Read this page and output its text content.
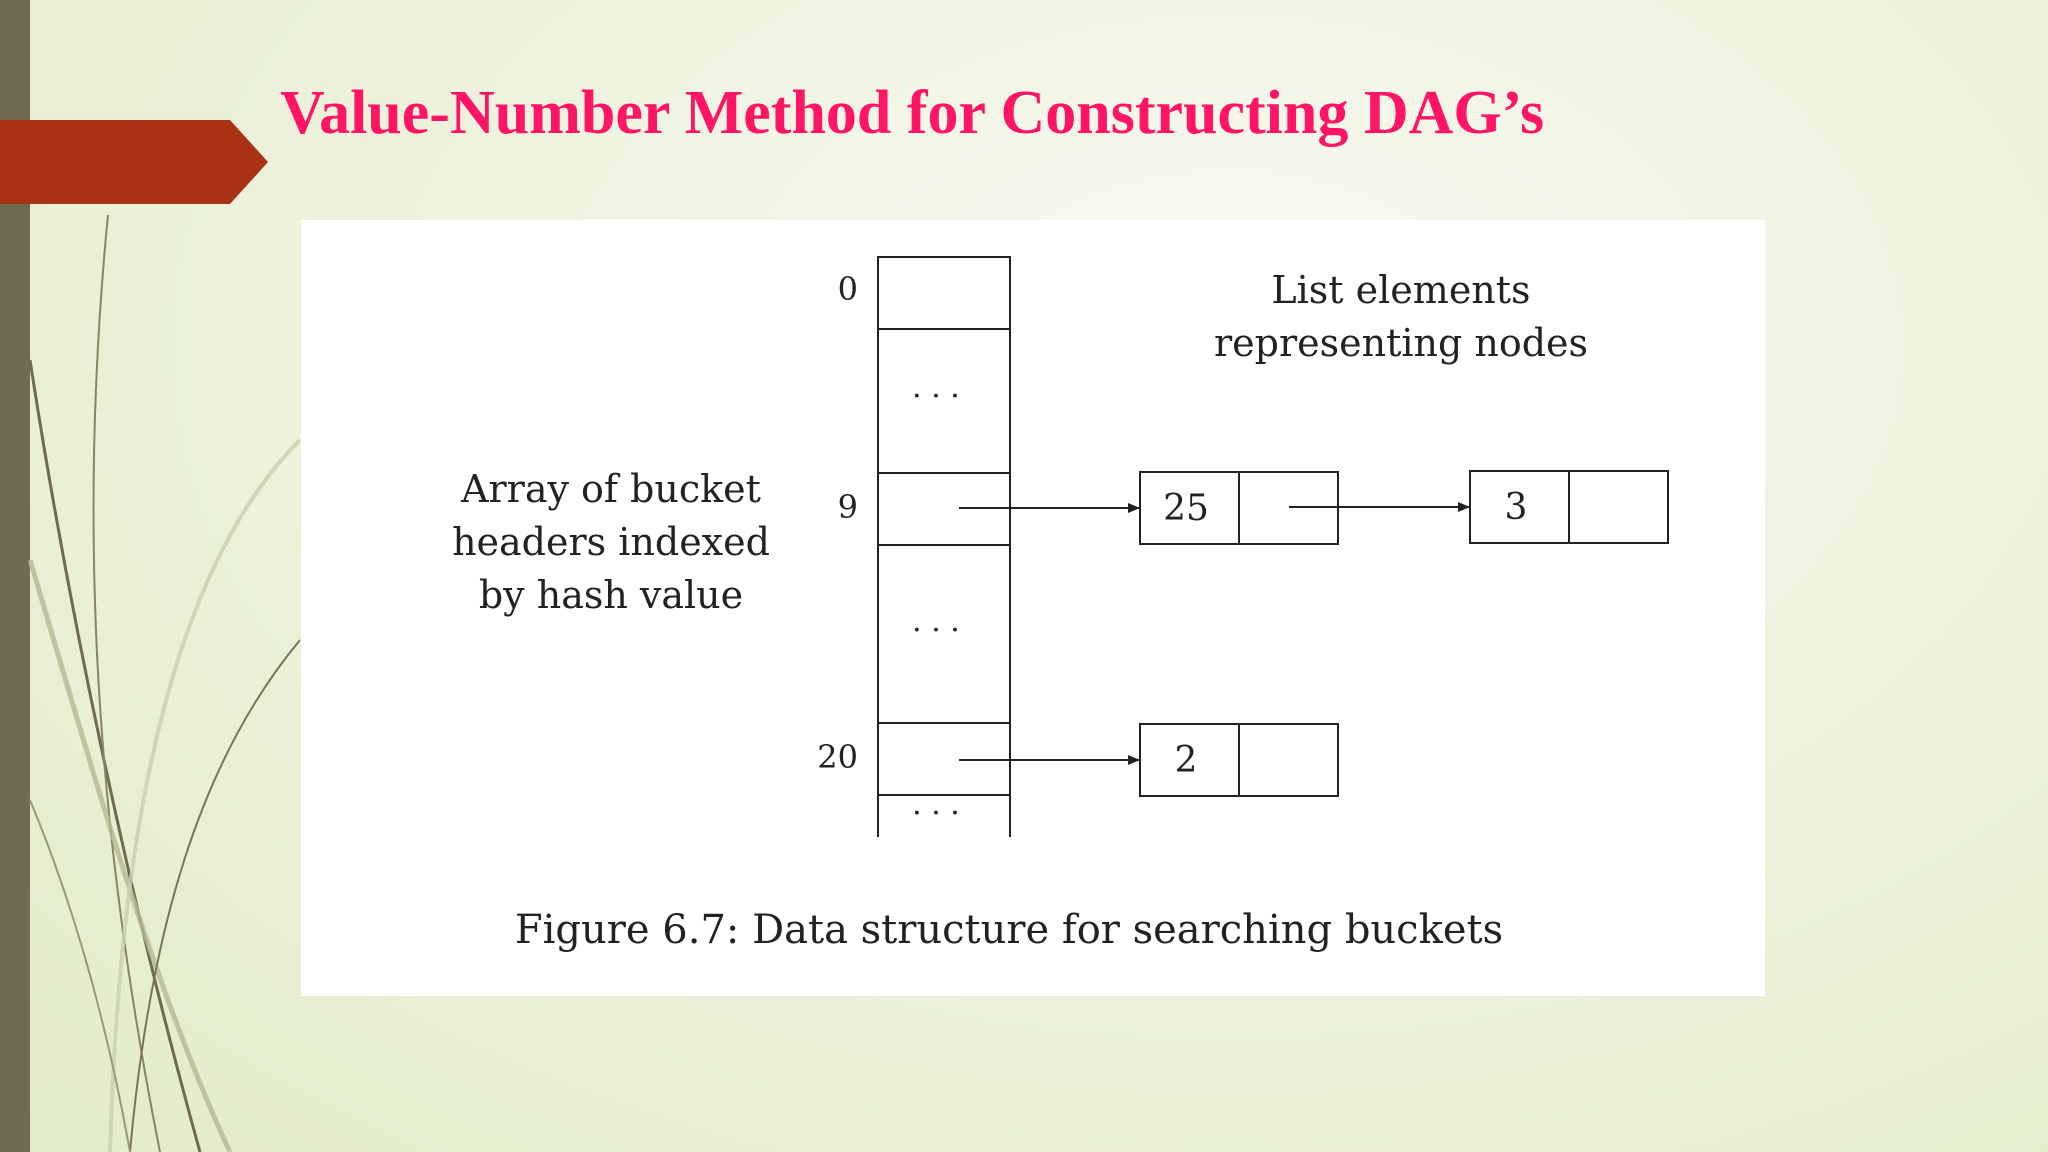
Value-Number Method for Constructing DAG’s
0
9
20
· · ·
· · ·
· · ·
Array of bucket
headers indexed
by hash value
List elements
representing nodes
25	3
2
Figure 6.7: Data structure for searching buckets
